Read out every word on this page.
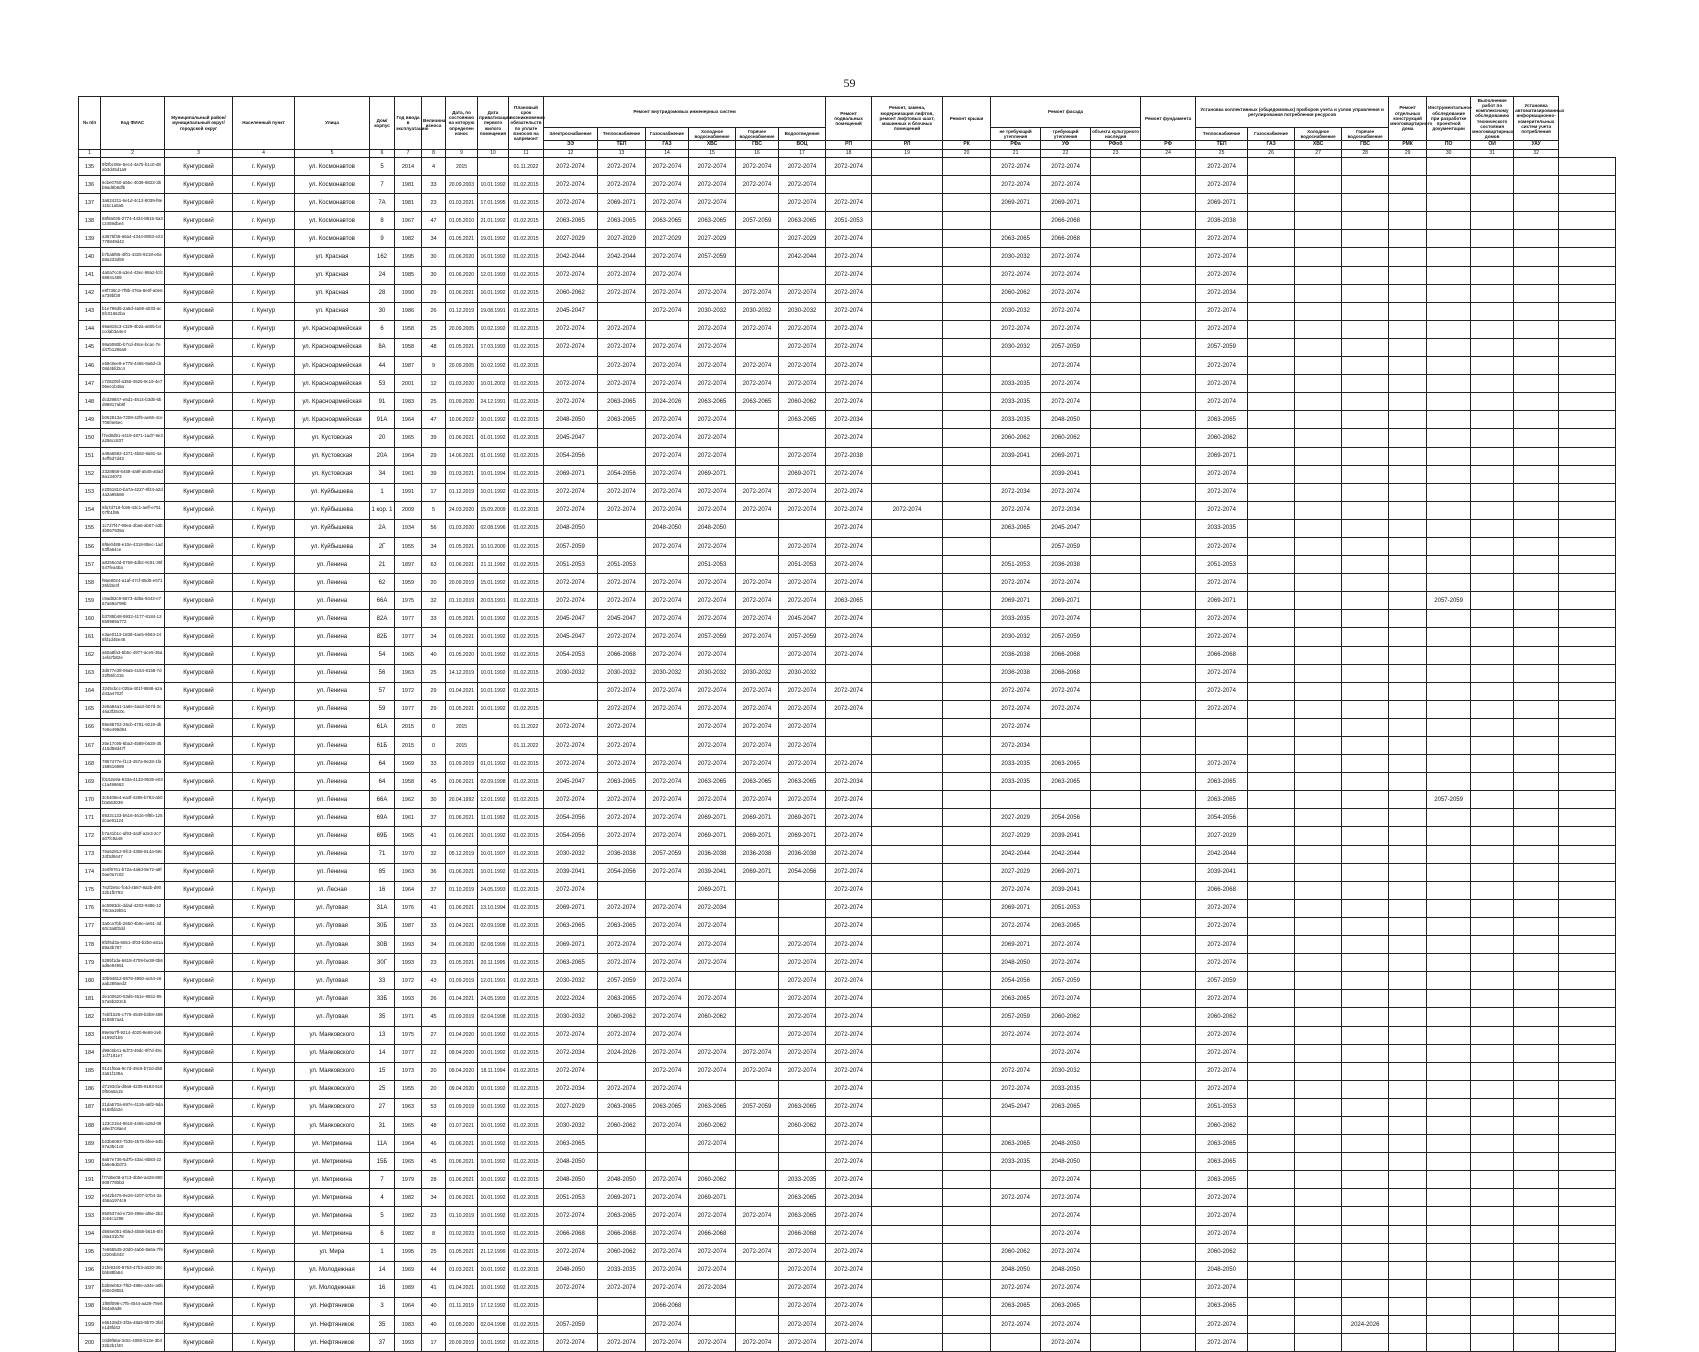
59
№ п/п	Код ФИАС	Муниципальный район/муниципальный округ/городской округ	Населенный пункт	Улица	Дом/корпус	Год ввода в эксплуатацию	Величина износа	Дата, по состоянию на которую определен износ	Дата приватизации первого жилого помещения	Плановый срок возникновения обязательств по уплате взносов на капремонт	Ремонт внутридомовых инженерных систем						Ремонт подвальных помещений	Ремонт, замена, модернизация лифтов, ремонт лифтовых шахт, машинных и блочных помещений	Ремонт крыши	Ремонт фасада			Ремонт фундамента	Установка коллективных (общедомовых) приборов учета и узлов управления и регулирования потребления ресурсов				Ремонт отдельных конструкций многоквартирного дома	Инструментальное обследование при разработке проектной документации	Выполнение работ по комплексному обследованию технического состояния многоквартирных домов	Установка автоматизированных информационно-измерительных систем учета потребления	
											Электроснабжение	Теплоснабжение	Газоснабжение	Холодное водоснабжение	Горячее водоснабжение	Водоотведение				не требующий утепления	требующий утепления	объекта культурного наследия		Теплоснабжение	Газоснабжение	Холодное водоснабжение	Горячее водоснабжение					
											ЭЭ	ТЕП	ГАЗ	ХВС	ГВС	ВОЦ	РП	РЛ	РК	РФа	УФ	РФоб	РФ	ТЕП	ГАЗ	ХВС	ГВС	РМК	ПО	ОИ	УАУ	
1	2	3	4	5	6	7	8	9	10	11	12	13	14	15	16	17	18	19	20	21	22	23	24	25	26	27	28	29	30	31	32	
135	9f2fbc08e-5ec4-4a75-b1c0-d8ab3d45d1a9	Кунгурский	г. Кунгур	ул. Космонавтов	5	2014	4	2015		01.11.2022	2072-2074	2072-2074	2072-2074	2072-2074	2072-2074	2072-2074	2072-2074			2072-2074	2072-2074			2072-2074								
136	6cbe0760-a55c-4039-8823-3bb9ad6b8dfb	Кунгурский	г. Кунгур	ул. Космонавтов	7	1981	33	20.09.2003	10.01.1992	01.02.2015	2072-2074	2072-2074	2072-2074	2072-2074	2072-2074	2072-2074				2072-2074	2072-2074			2072-2074								
137	3a524211-6e1d-4c12-8039-f8e115c1a5a5	Кунгурский	г. Кунгур	ул. Космонавтов	7А	1981	23	01.03.2021	17.01.1995	01.02.2015	2072-2074	2069-2071	2072-2074	2072-2074		2072-2074	2072-2074			2069-2071	2069-2071			2069-2071								
138	88f8a035-2774-4434-8815-5a3c2459dbe4	Кунгурский	г. Кунгур	ул. Космонавтов	8	1967	47	01.05.2010	21.01.1992	01.02.2015	2063-2065	2063-2065	2063-2065	2063-2065	2057-2059	2063-2065	2051-2053				2066-2068			2036-2038								
139	a3675f36-a6a4-4344-8083-e23778849d42	Кунгурский	г. Кунгур	ул. Космонавтов	9	1982	34	01.05.2021	19.01.1992	01.02.2015	2027-2029	2027-2029	2027-2029	2027-2029		2027-2029	2072-2074			2063-2065	2066-2068			2072-2074								
140	b7ba5f85-4f01-4325-9218-e0a58a233d59	Кунгурский	г. Кунгур	ул. Красная	162	1995	30	01.06.2020	16.01.1992	01.02.2015	2042-2044	2042-2044	2072-2074	2057-2059		2042-2044	2072-2074			2030-2032	2072-2074			2072-2074								
141	4a0a7cc8-a3e4-43ec-98a2-fcfc68941489	Кунгурский	г. Кунгур	ул. Красная	24	1985	30	01.06.2020	12.01.1993	01.02.2015	2072-2074	2072-2074	2072-2074				2072-2074			2072-2074	2072-2074			2072-2074								
142	e8f738c2-7f8b-476a-8e0f-a0e6a738bf28	Кунгурский	г. Кунгур	ул. Красная	28	1990	29	01.06.2021	16.01.1992	01.02.2015	2060-2062	2072-2074	2072-2074	2072-2074	2072-2074	2072-2074	2072-2074			2060-2062	2072-2074			2072-2034								
143	b1e796d5-2a5d-4a59-a033-ac5fc01662ba	Кунгурский	г. Кунгур	ул. Красная	30	1986	26	01.12.2019	19.08.1991	01.02.2015	2045-2047		2072-2074	2030-2032	2030-2032	2030-2032	2072-2074			2030-2032	2072-2074			2072-2074								
144	69a815c3-c329-4b2a-a605-b4ccdab3a4e4	Кунгурский	г. Кунгур	ул. Красноармейская	6	1958	25	20.09.2005	10.02.1992	01.02.2015	2072-2074	2072-2074		2072-2074	2072-2074	2072-2074	2072-2074			2072-2074	2072-2074			2072-2074								
145	99a5080b-b7cd-49ce-bcac-7ed47b1286a9	Кунгурский	г. Кунгур	ул. Красноармейская	8А	1958	48	01.05.2021	17.03.1993	01.02.2015	2072-2074	2072-2074	2072-2074	2072-2074		2072-2074	2072-2074			2030-2032	2057-2059			2057-2059								
146	e59c8ee9-e778-4465-9a6d-cb08d4bfd2c4	Кунгурский	г. Кунгур	ул. Красноармейская	44	1987	9	20.09.2005	10.02.1992	01.02.2015		2072-2074	2072-2074	2072-2074	2072-2074	2072-2074	2072-2074				2072-2074			2072-2074								
147	c728205f-a355-4526-9c19-4e706ee1b48a	Кунгурский	г. Кунгур	ул. Красноармейская	53	2001	12	01.03.2020	10.01.2002	01.02.2015	2072-2074	2072-2074	2072-2074	2072-2074	2072-2074	2072-2074	2072-2074			2033-2035	2072-2074			2072-2074								
148	dcd29847-e6d1-4814-b3d5-6bd98817ab8f	Кунгурский	г. Кунгур	ул. Красноармейская	91	1983	25	01.09.2020	24.12.1991	01.02.2015	2072-2074	2063-2065	2024-2026	2063-2065	2063-2065	2060-2062	2072-2074			2033-2035	2072-2074			2072-2074								
149	b062813a-7208-42f5-ae66-4ce706f4e5ec	Кунгурский	г. Кунгур	ул. Красноармейская	91А	1964	47	10.06.2022	10.01.1992	01.02.2015	2048-2050	2063-2065	2072-2074	2072-2074		2063-2065	2072-2034			2033-2035	2048-2050			2063-2065								
150	f7ed8d91-4419-4871-1ad7-9e3a256cc837	Кунгурский	г. Кунгур	ул. Кустовская	20	1965	39	01.06.2021	01.01.1992	01.02.2015	2045-2047		2072-2074	2072-2074			2072-2074			2060-2062	2060-2062			2060-2062								
151	a49a6592-4271-4b82-9a91-4a4eff5d7d42	Кунгурский	г. Кунгур	ул. Кустовская	20А	1964	29	14.06.2021	01.01.1992	01.02.2015	2054-2056		2072-2074	2072-2074		2072-2074	2072-2038			2039-2041	2069-2071			2069-2071								
152	2328868-6458-4a9f-a548-a0ad9a134073	Кунгурский	г. Кунгур	ул. Кустовская	34	1961	39	01.03.2021	10.01.1994	01.02.2015	2069-2071	2054-2056	2072-2074	2069-2071		2069-2071	2072-2074				2039-2041			2072-2074								
153	e2051810-ba7a-4227-9f24-a2d4a2a95686	Кунгурский	г. Кунгур	ул. Куйбышева	1	1991	17	01.12.2019	10.01.1992	01.02.2015	2072-2074	2072-2074	2072-2074	2072-2074	2072-2074	2072-2074	2072-2074			2072-2034	2072-2074			2072-2074								
154	6fa7d718-fc86-43c1-aeff-e75107fb1f86	Кунгурский	г. Кунгур	ул. Куйбышева	1 кор. 1	2009	5	24.03.2020	15.09.2009	01.02.2015	2072-2074	2072-2074	2072-2074	2072-2074	2072-2074	2072-2074	2072-2074	2072-2074		2072-2074	2072-2034			2072-2074								
155	1c727f47-99ea-4ba6-ab67-a3b4b957939a	Кунгурский	г. Кунгур	ул. Куйбышева	2А	1934	56	01.03.2020	02.08.1996	01.02.2015	2048-2050		2048-2050	2048-2050			2072-2074			2063-2065	2045-2047			2033-2035								
156	6f8e0488-e10e-4318-85ec-1ad53ffa64ce	Кунгурский	г. Кунгур	ул. Куйбышева	2Г	1955	34	01.05.2021	10.10.2000	01.02.2015	2057-2059		2072-2074	2072-2074		2072-2074	2072-2074				2057-2059			2072-2074								
157	a8256c0d-0769-4db2-9c91-36f547fea4ba	Кунгурский	г. Кунгур	ул. Ленина	21	1897	63	01.06.2021	21.11.1992	01.02.2015	2051-2053	2051-2053		2051-2053		2051-2053	2072-2074			2051-2053	2036-2038			2051-2053								
158	f9ae8024-a1af-47cf-85d5-e57126fd3e3f	Кунгурский	г. Кунгур	ул. Ленина	62	1959	20	20.09.2019	15.01.1992	01.02.2015	2072-2074	2072-2074	2072-2074	2072-2074	2072-2074	2072-2074	2072-2074			2072-2074	2072-2074			2072-2074								
159	c9ad82c9-5873-4d5a-9343-e767a69a799b	Кунгурский	г. Кунгур	ул. Ленина	66А	1975	32	01.10.2019	20.03.1991	01.02.2015	2072-2074	2072-2074	2072-2074	2072-2074	2072-2074	2072-2074	2063-2065			2069-2071	2069-2071			2069-2071					2057-2059			
160	b3785b48-9932-4177-8184-12859989a772	Кунгурский	г. Кунгур	ул. Ленина	82А	1977	33	01.05.2021	10.01.1992	01.02.2015	2045-2047	2045-2047	2072-2074	2072-2074	2072-2074	2045-2047	2072-2074			2033-2035	2072-2074			2072-2074								
161	e3ae0113-1838-4ae5-9b63-248fd1d45e46	Кунгурский	г. Кунгур	ул. Ленина	82Б	1977	34	01.05.2021	10.01.1992	01.02.2015	2045-2047	2072-2074	2072-2074	2057-2059	2072-2074	2057-2059	2072-2074			2030-2032	2057-2059			2072-2074								
162	a50a8fa3-5b5c-4977-ace5-35a1efa7b82e	Кунгурский	г. Кунгур	ул. Ленина	54	1965	40	01.05.2020	10.01.1992	01.02.2015	2054-2053	2066-2068	2072-2074	2072-2074		2072-2074	2072-2074			2036-2038	2066-2068			2066-2068								
163	3d677e38-06a5-4154-8158-7d22f55fc315	Кунгурский	г. Кунгур	ул. Ленина	56	1963	25	14.12.2019	10.01.1992	01.02.2015	2030-2032	2030-2032	2030-2032	2030-2032	2030-2032	2030-2032				2036-2038	2066-2068			2072-2074								
164	3245cbcc-025a-401f-9588-a2ad43a4702f	Кунгурский	г. Кунгур	ул. Ленина	57	1972	29	01.04.2021	10.01.1992	01.02.2015		2072-2074	2072-2074	2072-2074	2072-2074	2072-2074	2072-2074			2072-2074	2072-2074			2072-2074								
165	2e6a84a1-1a6e-4aa3-b07d-3c46a3f25c0c	Кунгурский	г. Кунгур	ул. Ленина	59	1977	29	01.05.2021	10.01.1992	01.02.2015		2072-2074	2072-2074	2072-2074	2072-2074	2072-2074	2072-2074			2072-2074	2072-2074			2072-2074								
166	88e88702-29cb-4781-9219-db7e5e499d94	Кунгурский	г. Кунгур	ул. Ленина	61А	2015	0	2015		01.11.2022	2072-2074	2072-2074		2072-2074	2072-2074	2072-2074				2072-2074												
167	25e17c95-6ba3-4589-b628-35415d58d47f	Кунгурский	г. Кунгур	ул. Ленина	61Б	2015	0	2015		01.11.2022	2072-2074	2072-2074		2072-2074	2072-2074	2072-2074				2072-2034												
168	7867477e-f1c3-457a-9e28-1fa158516989	Кунгурский	г. Кунгур	ул. Ленина	64	1969	33	01.09.2019	01.01.1992	01.02.2015	2072-2074	2072-2074	2072-2074	2072-2074	2072-2074	2072-2074	2072-2074			2033-2035	2063-2065			2072-2074								
169	f0152e9a-933a-4133-9535-e03c1a496663	Кунгурский	г. Кунгур	ул. Ленина	64	1958	45	01.06.2021	02.09.1998	01.02.2015	2045-2047	2063-2065	2072-2074	2063-2065	2063-2065	2063-2065	2072-2034			2033-2035	2063-2065			2063-2065								
170	3c5408e4-ea4f-4286-b783-ab0f2a563039	Кунгурский	г. Кунгур	ул. Ленина	66А	1962	30	20.04.1992	12.01.1992	01.02.2015	2072-2074	2072-2074	2072-2074	2072-2074	2072-2074	2072-2074	2072-2074							2063-2065					2057-2059			
171	6922c133-b616-4616-9f8b-125dcae91124	Кунгурский	г. Кунгур	ул. Ленина	69А	1961	37	01.06.2021	11.01.1992	01.02.2015	2054-2056	2072-2074	2072-2074	2069-2071	2069-2071	2069-2071	2072-2074			2027-2029	2054-2056			2054-2056								
172	b7a41b1c-af93-4a3f-a2e3-2c7a07fc9a48	Кунгурский	г. Кунгур	ул. Ленина	69Б	1965	41	01.06.2021	10.01.1992	01.02.2015	2054-2056	2072-2074	2072-2074	2069-2071	2069-2071	2069-2071	2072-2074			2027-2029	2039-2041			2027-2029								
173	76a52812-9fc3-4358-814a-59c34f3d9447	Кунгурский	г. Кунгур	ул. Ленина	71	1970	32	05.12.2019	10.01.1997	01.02.2015	2030-2032	2036-2038	2057-2059	2036-2038	2036-2038	2036-2038	2072-2074			2042-2044	2042-2044			2042-2044								
174	2e0f9761-b72a-4a6d-8e72-a9f0ae0a7c02	Кунгурский	г. Кунгур	ул. Ленина	85	1963	36	01.06.2021	10.01.1992	01.02.2015	2039-2041	2054-2056	2072-2074	2039-2041	2069-2071	2054-2056	2072-2074			2027-2029	2069-2071			2039-2041								
175	7e2f2e5c-fc4d-4587-8a2b-d9032b1fb793	Кунгурский	г. Кунгур	ул. Лесная	16	1964	37	01.10.2019	24.05.1993	01.02.2015	2072-2074			2069-2071			2072-2074			2072-2074	2039-2041			2066-2068								
176	ac5993dc-ddad-4203-9486-1278c3a19b51	Кунгурский	г. Кунгур	ул. Луговая	31А	1976	41	01.06.2021	13.10.1994	01.02.2015	2069-2071	2072-2074	2072-2074	2072-2034			2072-2074			2069-2071	2051-2053			2072-2074								
177	3a0ca7bb-2650-4b6e-ae51-3d60c3a8f2dd	Кунгурский	г. Кунгур	ул. Луговая	30Б	1987	33	01.04.2021	02.09.1998	01.02.2015	2063-2065	2063-2065	2072-2074	2072-2074			2072-2074			2072-2074	2063-2065			2072-2074								
178	8f2f6d3a-6551-4f03-b2b0-a61a89a3b787	Кунгурский	г. Кунгур	ул. Луговая	30В	1993	34	01.06.2020	02.08.1999	01.02.2015	2069-2071	2072-2074	2072-2074	2072-2074		2072-2074	2072-2074			2069-2071	2072-2074			2072-2074								
179	5285f1da-6618-4709-be38-0b6ad6e94951	Кунгурский	г. Кунгур	ул. Луговая	30Г	1993	23	01.05.2021	20.11.1995	01.02.2015	2063-2065	2072-2074	2072-2074	2072-2074		2072-2074	2072-2074			2048-2050	2072-2074			2072-2074								
180	30b94812-9578-4850-ac64-e6aab289aed2	Кунгурский	г. Кунгур	ул. Луговая	33	1972	43	01.09.2019	12.01.1991	01.02.2015	2030-2032	2057-2059	2072-2074			2072-2074	2072-2074			2054-2056	2057-2059			2057-2059								
181	de100520-53d6-451e-9551-9557a5b323cb	Кунгурский	г. Кунгур	ул. Луговая	33Б	1993	26	01.04.2021	24.05.1993	01.02.2015	2022-2024	2063-2065	2072-2074	2072-2074		2072-2074	2072-2074			2063-2065	2072-2074			2072-2074								
182	7ebf1525-c775-4549-b3b8-489918857aa1	Кунгурский	г. Кунгур	ул. Луговая	35	1971	45	01.09.2019	02.04.1998	01.02.2015	2030-2032	2060-2062	2072-2074	2060-2062		2072-2074	2072-2074			2057-2059	2060-2062			2060-2062								
183	89e9a7ff-9214-4020-9e69-2ebe1691f1b5	Кунгурский	г. Кунгур	ул. Маяковского	13	1975	27	01.04.2020	10.01.1992	01.02.2015	2072-2074	2072-2074	2072-2074			2072-2074	2072-2074			2072-2074	2072-2074			2072-2074								
184	d99c6b41-6d73-49dc-9f7d-49c1cf7181e7	Кунгурский	г. Кунгур	ул. Маяковского	14	1977	22	09.04.2020	10.01.1992	01.02.2015	2072-2034	2024-2026	2072-2074	2072-2074	2072-2074	2072-2074	2072-2074				2072-2074			2072-2074								
185	9141f0aa-9c7d-49c6-b72d-d552a51f139a	Кунгурский	г. Кунгур	ул. Маяковского	15	1973	20	09.04.2020	18.11.1994	01.02.2015	2072-2074		2072-2074	2072-2074	2072-2074	2072-2074	2072-2074			2072-2074	2030-2032			2072-2074								
186	d7193cfa-d9a6-4235-9183-5150f50a5a15	Кунгурский	г. Кунгур	ул. Маяковского	25	1955	20	09.04.2020	10.01.1992	01.02.2015	2072-2034	2072-2074	2072-2074				2072-2074			2072-2074	2033-2035			2072-2074								
187	21da570a-697e-4126-a6f2-9da6168fd42e	Кунгурский	г. Кунгур	ул. Маяковского	27	1963	53	01.09.2019	10.01.1992	01.02.2015	2027-2029	2063-2065	2063-2065	2063-2065	2057-2059	2063-2065	2072-2074			2045-2047	2063-2065			2051-2053								
188	123c2154-9616-4465-a26d-08a8ed7c8ae4	Кунгурский	г. Кунгур	ул. Маяковского	31	1965	48	01.07.2021	10.01.1992	01.02.2015	2030-2032	2060-2062	2072-2074	2060-2062		2060-2062	2072-2074							2060-2062								
189	b23b6083-7b35-4576-bfee-64b67a35c1c9	Кунгурский	г. Кунгур	ул. Метрикина	11А	1964	46	01.06.2021	10.01.1992	01.02.2015	2063-2065			2072-2074			2072-2074			2063-2065	2048-2050			2063-2065								
190	9a57e736-5d7b-43ac-8b83-22ba6e8d2d73	Кунгурский	г. Кунгур	ул. Метрикина	15Б	1965	45	01.06.2021	10.01.1992	01.02.2015	2048-2050						2072-2074			2033-2035	2048-2050			2063-2065								
191	f77d6e08-a7c3-4b5e-a428-8909087780bd	Кунгурский	г. Кунгур	ул. Метрикина	7	1979	28	01.06.2021	10.01.1992	01.02.2015	2048-2050	2048-2050	2072-2074	2060-2062		2033-2035	2072-2074				2072-2074			2063-2065								
192	e042b476-9e26-4207-b7b4-3a4b8a1974c9	Кунгурский	г. Кунгур	ул. Метрикина	4	1982	34	01.06.2021	10.01.1992	01.02.2015	2051-2053	2069-2071	2072-2074	2069-2071		2063-2065	2072-2034			2072-2074	2072-2074			2072-2074								
193	8505374d-e728-498e-af6e-2b22c64c1298	Кунгурский	г. Кунгур	ул. Метрикина	5	1982	23	01.10.2019	10.01.1992	01.02.2015	2072-2074	2063-2065	2072-2074	2072-2074	2072-2074	2063-2065	2072-2074				2072-2074			2072-2074								
194	d565e051-8b6d-4b58-b616-5f4c8a431b78	Кунгурский	г. Кунгур	ул. Метрикина	6	1982	8	01.02.2023	10.01.1992	01.02.2015	2066-2068	2066-2068	2072-2074	2066-2068		2066-2068	2072-2074				2072-2074			2072-2074								
195	7e655545-20d0-4ab6-8a6a-7f9c2204b343	Кунгурский	г. Кунгур	ул. Мира	1	1995	25	01.05.2021	21.12.1999	01.02.2015	2072-2074	2060-2062	2072-2074	2072-2074	2072-2074	2072-2074	2072-2074			2060-2062	2072-2074			2060-2062								
196	21fe9340-8763-47b3-a020-30cbbb88fa54	Кунгурский	г. Кунгур	ул. Молодежная	14	1969	44	01.03.2021	10.01.1992	01.02.2015	2048-2050	2033-2035	2072-2074	2072-2074		2072-2074	2072-2074			2048-2050	2048-2050			2048-2050								
197	b2b8eb52-7f62-488e-a34e-a0beb0e28551	Кунгурский	г. Кунгур	ул. Молодежная	16	1989	41	01.04.2021	10.01.1992	01.02.2015	2072-2074	2072-2074	2072-2074	2072-2034		2072-2074	2072-2074			2072-2074	2072-2074			2072-2074								
198	1f88f098-c7f5-4044-aa29-78e6b64a0ad6	Кунгурский	г. Кунгур	ул. Нефтяников	3	1964	40	01.11.2019	17.12.1992	01.02.2015			2066-2068			2072-2074	2072-2074			2063-2065	2063-2065			2063-2065								
199	e65128d3-3f3a-48a5-9b70-3fafe1d8fd42	Кунгурский	г. Кунгур	ул. Нефтяников	35	1983	40	01.05.2020	02.04.1998	01.02.2015	2057-2059		2072-2074			2072-2074	2072-2074			2072-2074	2072-2074			2072-2074			2024-2026					
200	c0d9f66a-3c8c-4080-b12e-3b432b2b1f40	Кунгурский	г. Кунгур	ул. Нефтяников	37	1993	17	20.09.2019	10.01.1992	01.02.2015	2072-2074	2072-2074	2072-2074	2072-2074	2072-2074	2072-2074	2072-2074				2072-2074			2072-2074								
